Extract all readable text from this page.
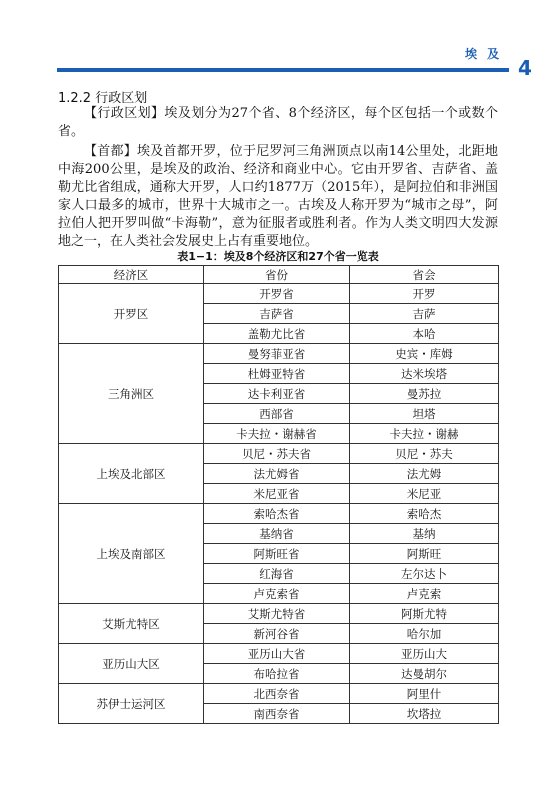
埃 及
4
1.2.2 行政区划
【行政区划】埃及划分为27个省、8个经济区，每个区包括一个或数个省。
【首都】埃及首都开罗，位于尼罗河三角洲顶点以南14公里处，北距地中海200公里，是埃及的政治、经济和商业中心。它由开罗省、吉萨省、盖勒尤比省组成，通称大开罗，人口约1877万（2015年），是阿拉伯和非洲国家人口最多的城市，世界十大城市之一。古埃及人称开罗为“城市之母”，阿拉伯人把开罗叫做“卡海勒”，意为征服者或胜利者。作为人类文明四大发源地之一，在人类社会发展史上占有重要地位。
表1−1：埃及8个经济区和27个省一览表
经济区	省份	省会
开罗区	开罗省	开罗
	吉萨省	吉萨
	盖勒尤比省	本哈
三角洲区	曼努菲亚省	史宾・库姆
	杜姆亚特省	达米埃塔
	达卡利亚省	曼苏拉
	西部省	坦塔
	卡夫拉・谢赫省	卡夫拉・谢赫
上埃及北部区	贝尼・苏夫省	贝尼・苏夫
	法尤姆省	法尤姆
	米尼亚省	米尼亚
上埃及南部区	索哈杰省	索哈杰
	基纳省	基纳
	阿斯旺省	阿斯旺
	红海省	左尔达卜
	卢克索省	卢克索
艾斯尤特区	艾斯尤特省	阿斯尤特
	新河谷省	哈尔加
亚历山大区	亚历山大省	亚历山大
	布哈拉省	达曼胡尔
苏伊士运河区	北西奈省	阿里什
	南西奈省	坎塔拉
